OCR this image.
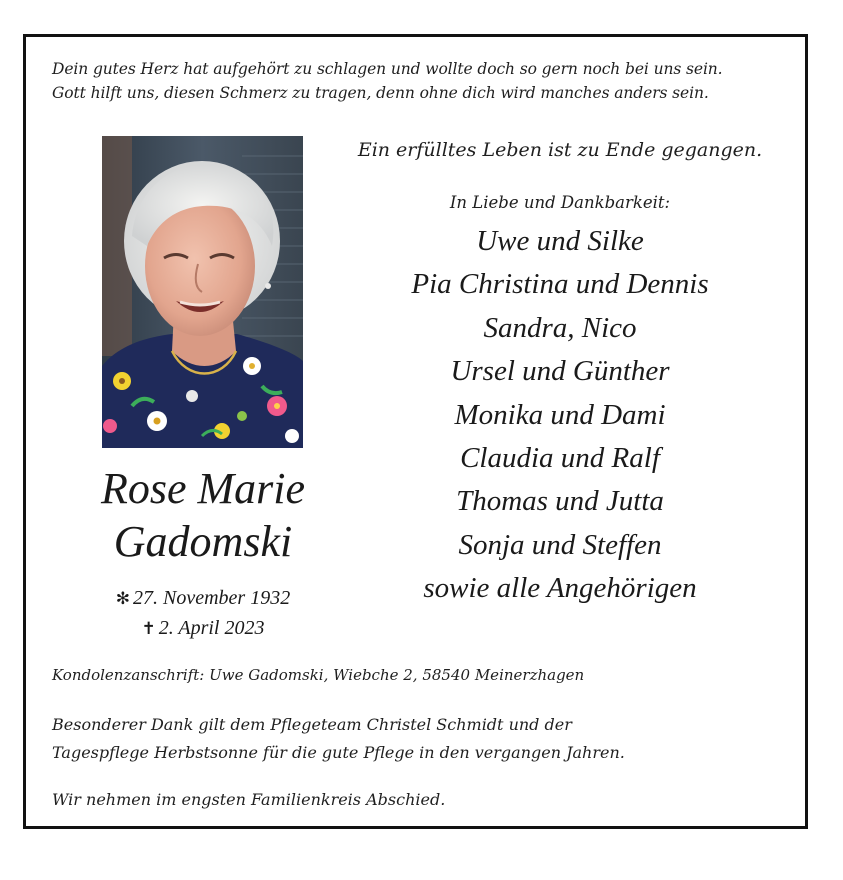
Dein gutes Herz hat aufgehört zu schlagen und wollte doch so gern noch bei uns sein.
Gott hilft uns, diesen Schmerz zu tragen, denn ohne dich wird manches anders sein.
Rose Marie
Gadomski
✻ 27. November 1932
✝ 2. April 2023
Ein erfülltes Leben ist zu Ende gegangen.
In Liebe und Dankbarkeit:
Uwe und Silke
Pia Christina und Dennis
Sandra, Nico
Ursel und Günther
Monika und Dami
Claudia und Ralf
Thomas und Jutta
Sonja und Steffen
sowie alle Angehörigen
Kondolenzanschrift: Uwe Gadomski, Wiebche 2, 58540 Meinerzhagen
Besonderer Dank gilt dem Pflegeteam Christel Schmidt und der
Tagespflege Herbstsonne für die gute Pflege in den vergangen Jahren.
Wir nehmen im engsten Familienkreis Abschied.
